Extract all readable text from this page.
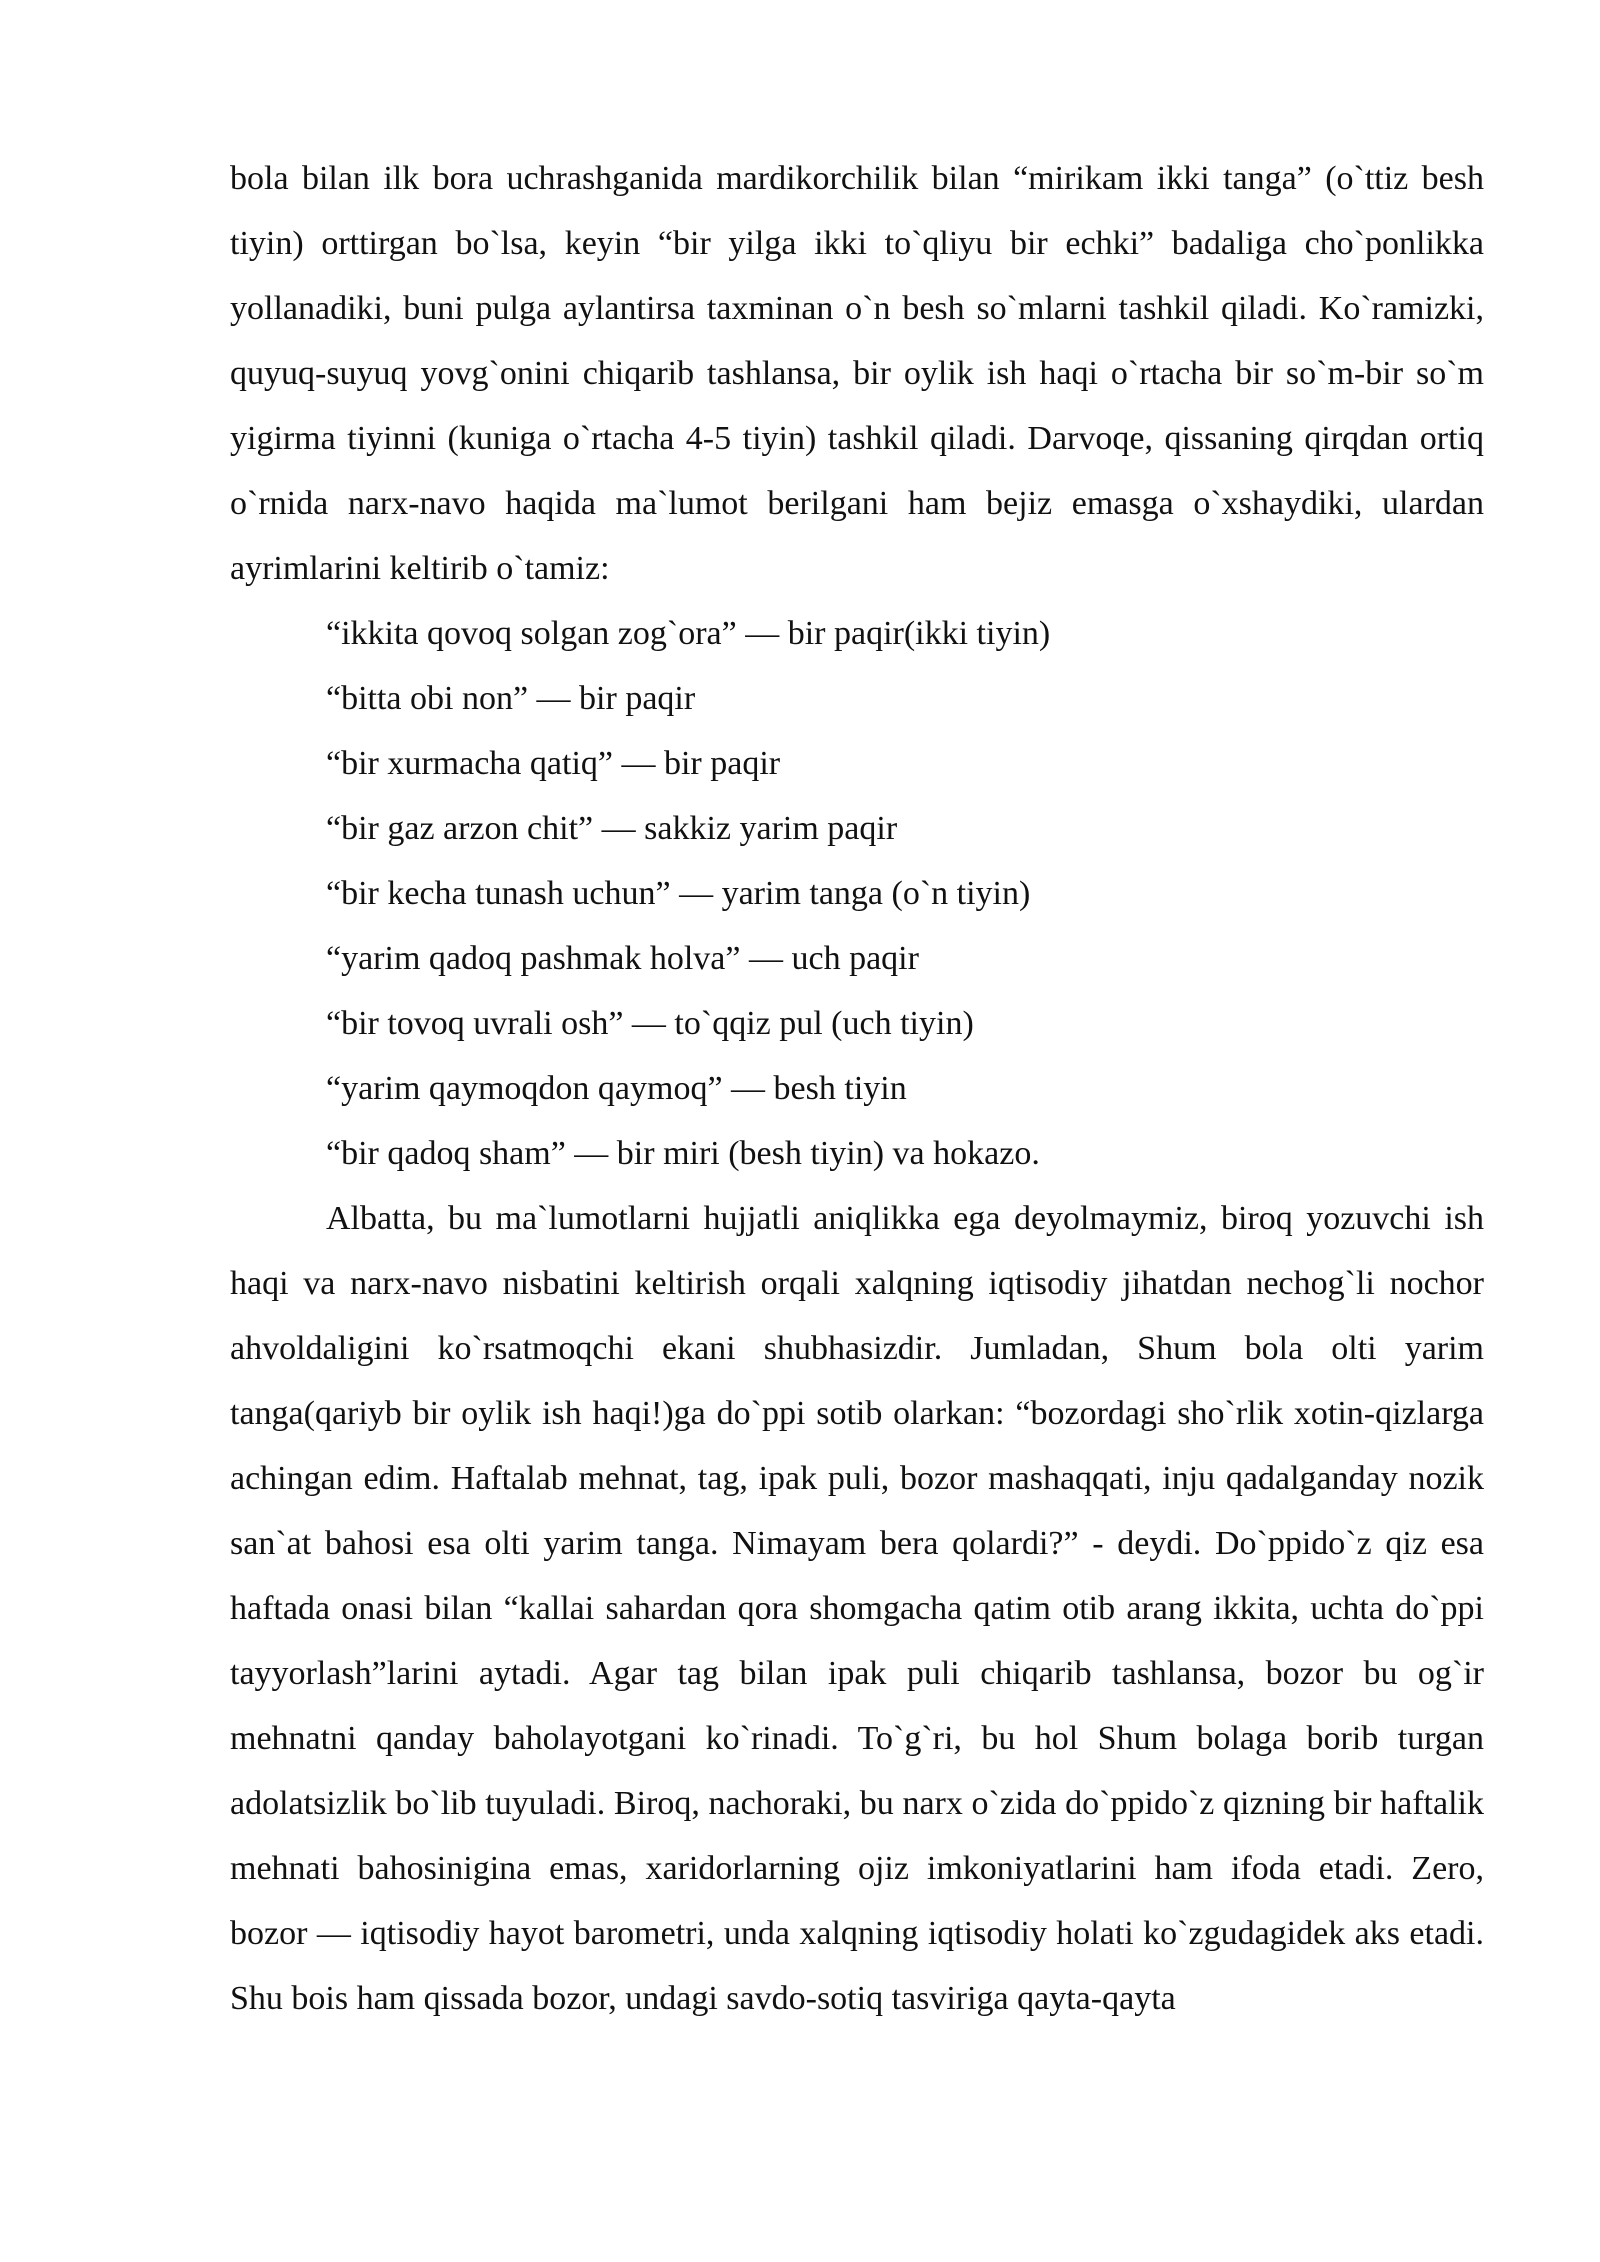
bola bilan ilk bora uchrashganida mardikorchilik bilan “mirikam ikki tanga” (o`ttiz besh tiyin) orttirgan bo`lsa, keyin “bir yilga ikki to`qliyu bir echki” badaliga cho`ponlikka yollanadiki, buni pulga aylantirsa taxminan o`n besh so`mlarni tashkil qiladi. Ko`ramizki, quyuq-suyuq yovg`onini chiqarib tashlansa, bir oylik ish haqi o`rtacha bir so`m-bir so`m yigirma tiyinni (kuniga o`rtacha 4-5 tiyin) tashkil qiladi. Darvoqe, qissaning qirqdan ortiq o`rnida narx-navo haqida ma`lumot berilgani ham bejiz emasga o`xshaydiki, ulardan ayrimlarini keltirib o`tamiz:

“ikkita qovoq solgan zog`ora” — bir paqir(ikki tiyin)
“bitta obi non” — bir paqir
“bir xurmacha qatiq” — bir paqir
“bir gaz arzon chit” — sakkiz yarim paqir
“bir kecha tunash uchun” — yarim tanga (o`n tiyin)
“yarim qadoq pashmak holva” — uch paqir
“bir tovoq uvrali osh” — to`qqiz pul (uch tiyin)
“yarim qaymoqdon qaymoq” — besh tiyin
“bir qadoq sham” — bir miri (besh tiyin) va hokazo.

Albatta, bu ma`lumotlarni hujjatli aniqlikka ega deyolmaymiz, biroq yozuvchi ish haqi va narx-navo nisbatini keltirish orqali xalqning iqtisodiy jihatdan nechog`li nochor ahvoldaligini ko`rsatmoqchi ekani shubhasizdir. Jumladan, Shum bola olti yarim tanga(qariyb bir oylik ish haqi!)ga do`ppi sotib olarkan: “bozordagi sho`rlik xotin-qizlarga achingan edim. Haftalab mehnat, tag, ipak puli, bozor mashaqqati, inju qadalganday nozik san`at bahosi esa olti yarim tanga. Nimayam bera qolardi?” - deydi. Do`ppido`z qiz esa haftada onasi bilan “kallai sahardan qora shomgacha qatim otib arang ikkita, uchta do`ppi tayyorlash”larini aytadi. Agar tag bilan ipak puli chiqarib tashlansa, bozor bu og`ir mehnatni qanday baholayotgani ko`rinadi. To`g`ri, bu hol Shum bolaga borib turgan adolatsizlik bo`lib tuyuladi. Biroq, nachoraki, bu narx o`zida do`ppido`z qizning bir haftalik mehnati bahosinigina emas, xaridorlarning ojiz imkoniyatlarini ham ifoda etadi. Zero, bozor — iqtisodiy hayot barometri, unda xalqning iqtisodiy holati ko`zgudagidek aks etadi. Shu bois ham qissada bozor, undagi savdo-sotiq tasviriga qayta-qayta
